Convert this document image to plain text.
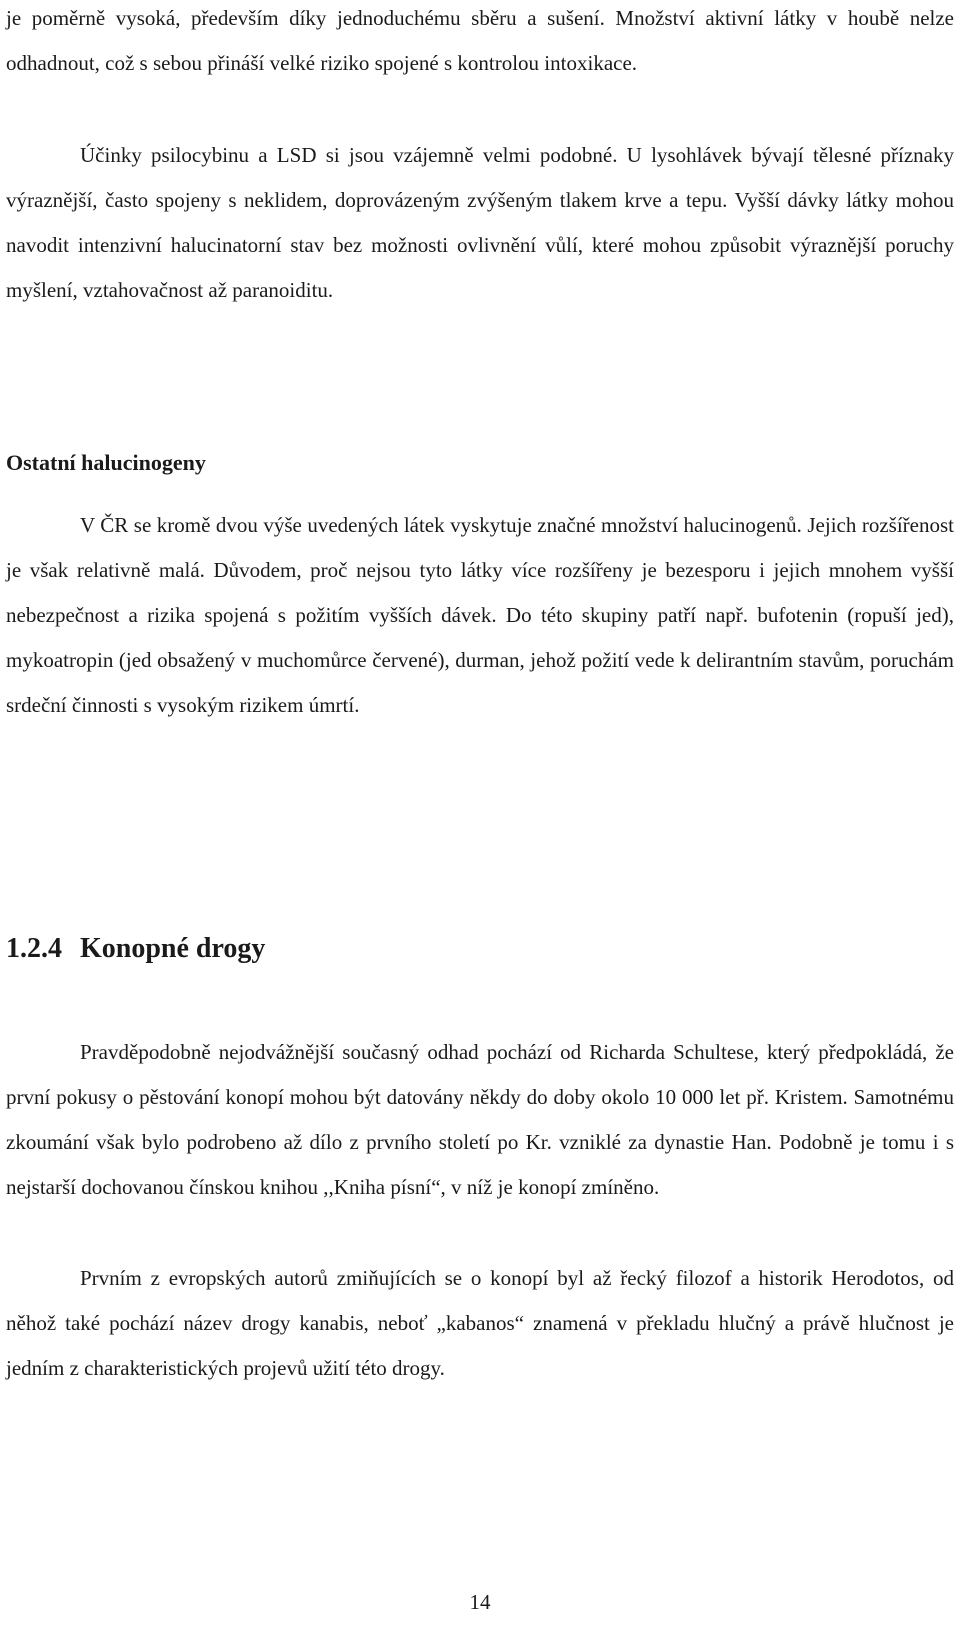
je poměrně vysoká, především díky jednoduchému sběru a sušení. Množství aktivní látky v houbě nelze odhadnout, což s sebou přináší velké riziko spojené s kontrolou intoxikace.

Účinky psilocybinu a LSD si jsou vzájemně velmi podobné. U lysohlávek bývají tělesné příznaky výraznější, často spojeny s neklidem, doprovázeným zvýšeným tlakem krve a tepu. Vyšší dávky látky mohou navodit intenzivní halucinatorní stav bez možnosti ovlivnění vůlí, které mohou způsobit výraznější poruchy myšlení, vztahovačnost až paranoiditu.

Ostatní halucinogeny

V ČR se kromě dvou výše uvedených látek vyskytuje značné množství halucinogenů. Jejich rozšířenost je však relativně malá. Důvodem, proč nejsou tyto látky více rozšířeny je bezesporu i jejich mnohem vyšší nebezpečnost a rizika spojená s požitím vyšších dávek. Do této skupiny patří např. bufotenin (ropuší jed), mykoatropin (jed obsažený v muchomůrce červené), durman, jehož požití vede k delirantním stavům, poruchám srdeční činnosti s vysokým rizikem úmrtí.

1.2.4 Konopné drogy

Pravděpodobně nejodvážnější současný odhad pochází od Richarda Schultese, který předpokládá, že první pokusy o pěstování konopí mohou být datovány někdy do doby okolo 10 000 let př. Kristem. Samotnému zkoumání však bylo podrobeno až dílo z prvního století po Kr. vzniklé za dynastie Han. Podobně je tomu i s nejstarší dochovanou čínskou knihou ,,Kniha písní“, v níž je konopí zmíněno.

Prvním z evropských autorů zmiňujících se o konopí byl až řecký filozof a historik Herodotos, od něhož také pochází název drogy kanabis, neboť „kabanos“ znamená v překladu hlučný a právě hlučnost je jedním z charakteristických projevů užití této drogy.

14
